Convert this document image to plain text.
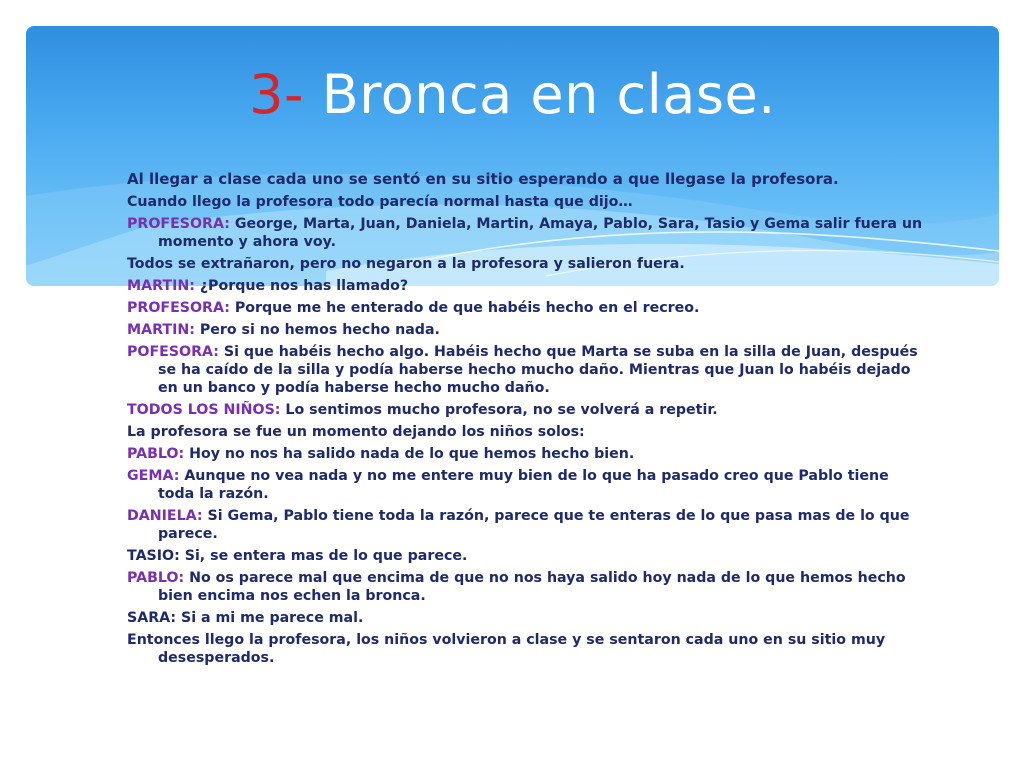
3- Bronca en clase.

Al llegar a clase cada uno se sentó en su sitio esperando a que llegase la profesora.

Cuando llego la profesora todo parecía normal hasta que dijo…

PROFESORA: George, Marta, Juan, Daniela, Martin, Amaya, Pablo, Sara, Tasio y Gema salir fuera un momento y ahora voy.

Todos se extrañaron, pero no negaron a la profesora y salieron fuera.

MARTIN: ¿Porque nos has llamado?

PROFESORA: Porque me he enterado de que habéis hecho en el recreo.

MARTIN: Pero si no hemos hecho nada.

POFESORA: Si que habéis hecho algo. Habéis hecho que Marta se suba en la silla de Juan, después se ha caído de la silla y podía haberse hecho mucho daño. Mientras que Juan lo habéis dejado en un banco y podía haberse hecho mucho daño.

TODOS LOS NIÑOS: Lo sentimos mucho profesora, no se volverá a repetir.

La profesora se fue un momento dejando los niños solos:

PABLO: Hoy no nos ha salido nada de lo que hemos hecho bien.

GEMA: Aunque no vea nada y no me entere muy bien de lo que ha pasado creo que Pablo tiene toda la razón.

DANIELA: Si Gema, Pablo tiene toda la razón, parece que te enteras de lo que pasa mas de lo que parece.

TASIO: Si, se entera mas de lo que parece.

PABLO: No os parece mal que encima de que no nos haya salido hoy nada de lo que hemos hecho bien encima nos echen la bronca.

SARA: Si a mi me parece mal.

Entonces llego la profesora, los niños volvieron a clase y se sentaron cada uno en su sitio muy desesperados.
